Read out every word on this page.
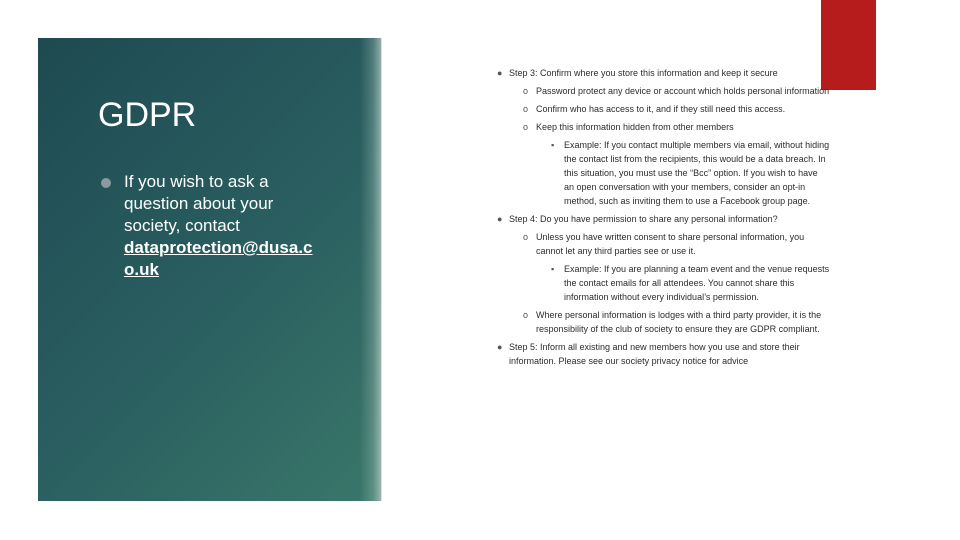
GDPR
If you wish to ask a question about your society, contact dataprotection@dusa.c o.uk
● Step 3: Confirm where you store this information and keep it secure
o Password protect any device or account which holds personal information
o Confirm who has access to it, and if they still need this access.
o Keep this information hidden from other members
▪ Example: If you contact multiple members via email, without hiding the contact list from the recipients, this would be a data breach. In this situation, you must use the “Bcc” option. If you wish to have an open conversation with your members, consider an opt-in method, such as inviting them to use a Facebook group page.
● Step 4: Do you have permission to share any personal information?
o Unless you have written consent to share personal information, you cannot let any third parties see or use it.
▪ Example: If you are planning a team event and the venue requests the contact emails for all attendees. You cannot share this information without every individual’s permission.
o Where personal information is lodges with a third party provider, it is the responsibility of the club of society to ensure they are GDPR compliant.
● Step 5: Inform all existing and new members how you use and store their information. Please see our society privacy notice for advice
